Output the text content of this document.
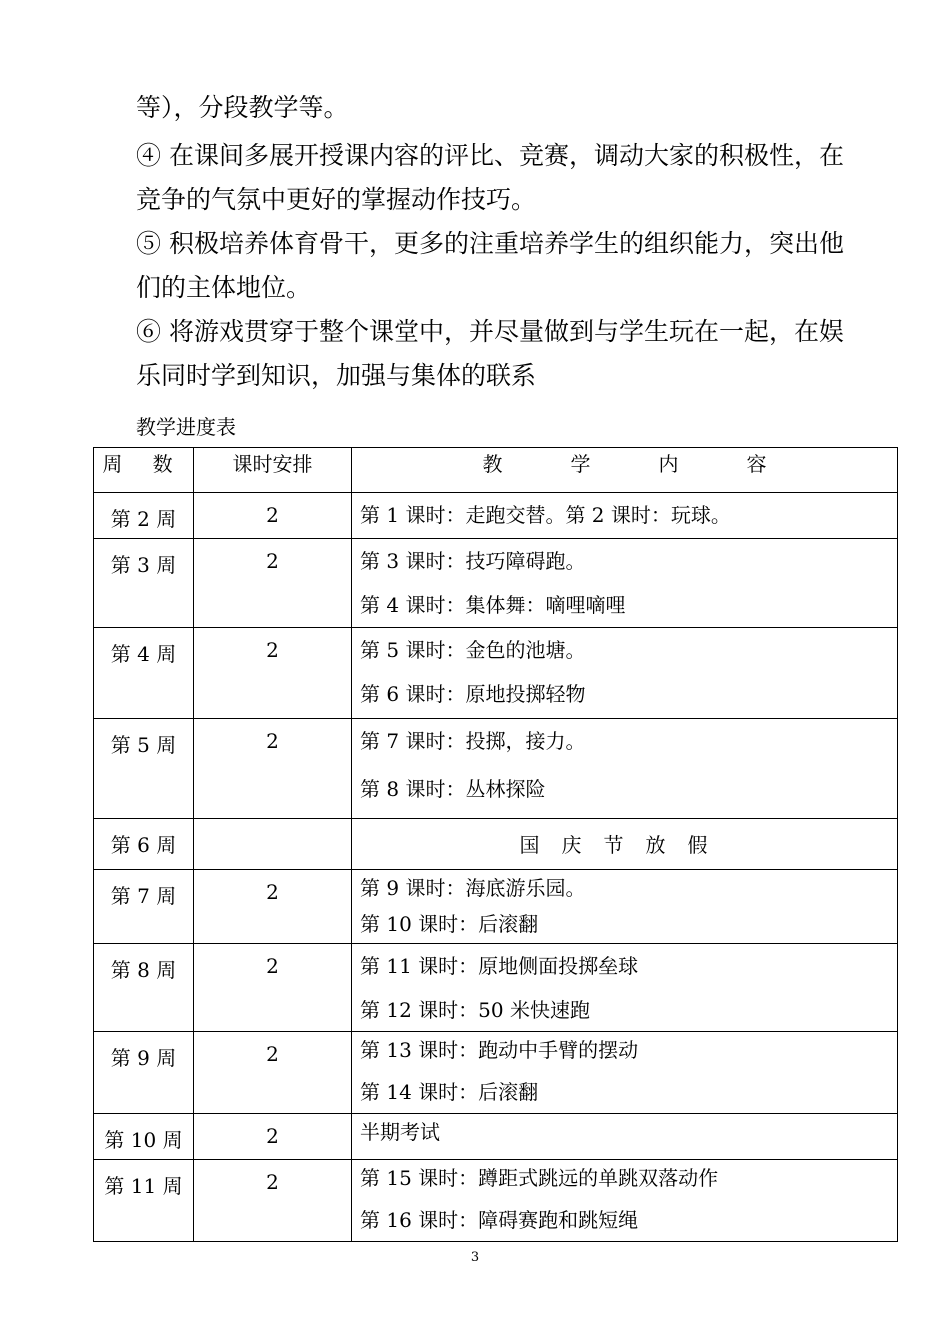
等），分段教学等。

④ 在课间多展开授课内容的评比、竞赛，调动大家的积极性，在竞争的气氛中更好的掌握动作技巧。

⑤ 积极培养体育骨干，更多的注重培养学生的组织能力，突出他们的主体地位。

⑥ 将游戏贯穿于整个课堂中，并尽量做到与学生玩在一起，在娱乐同时学到知识，加强与集体的联系

教学进度表
周 数	课时安排	教学内容
第 2 周	2	第 1 课时：走跑交替。第 2 课时：玩球。

第 3 周	2	第 3 课时：技巧障碍跑。
第 4 课时：集体舞：嘀哩嘀哩

第 4 周	2	第 5 课时：金色的池塘。
第 6 课时：原地投掷轻物

第 5 周	2	第 7 课时：投掷，接力。
第 8 课时：丛林探险

第 6 周		国庆节放假
第 7 周	2	第 9 课时：海底游乐园。
第 10 课时：后滚翻

第 8 周	2	第 11 课时：原地侧面投掷垒球
第 12 课时：50 米快速跑

第 9 周	2	第 13 课时：跑动中手臂的摆动
第 14 课时：后滚翻

第 10 周	2	半期考试

第 11 周	2	第 15 课时：蹲距式跳远的单跳双落动作
第 16 课时：障碍赛跑和跳短绳
3
